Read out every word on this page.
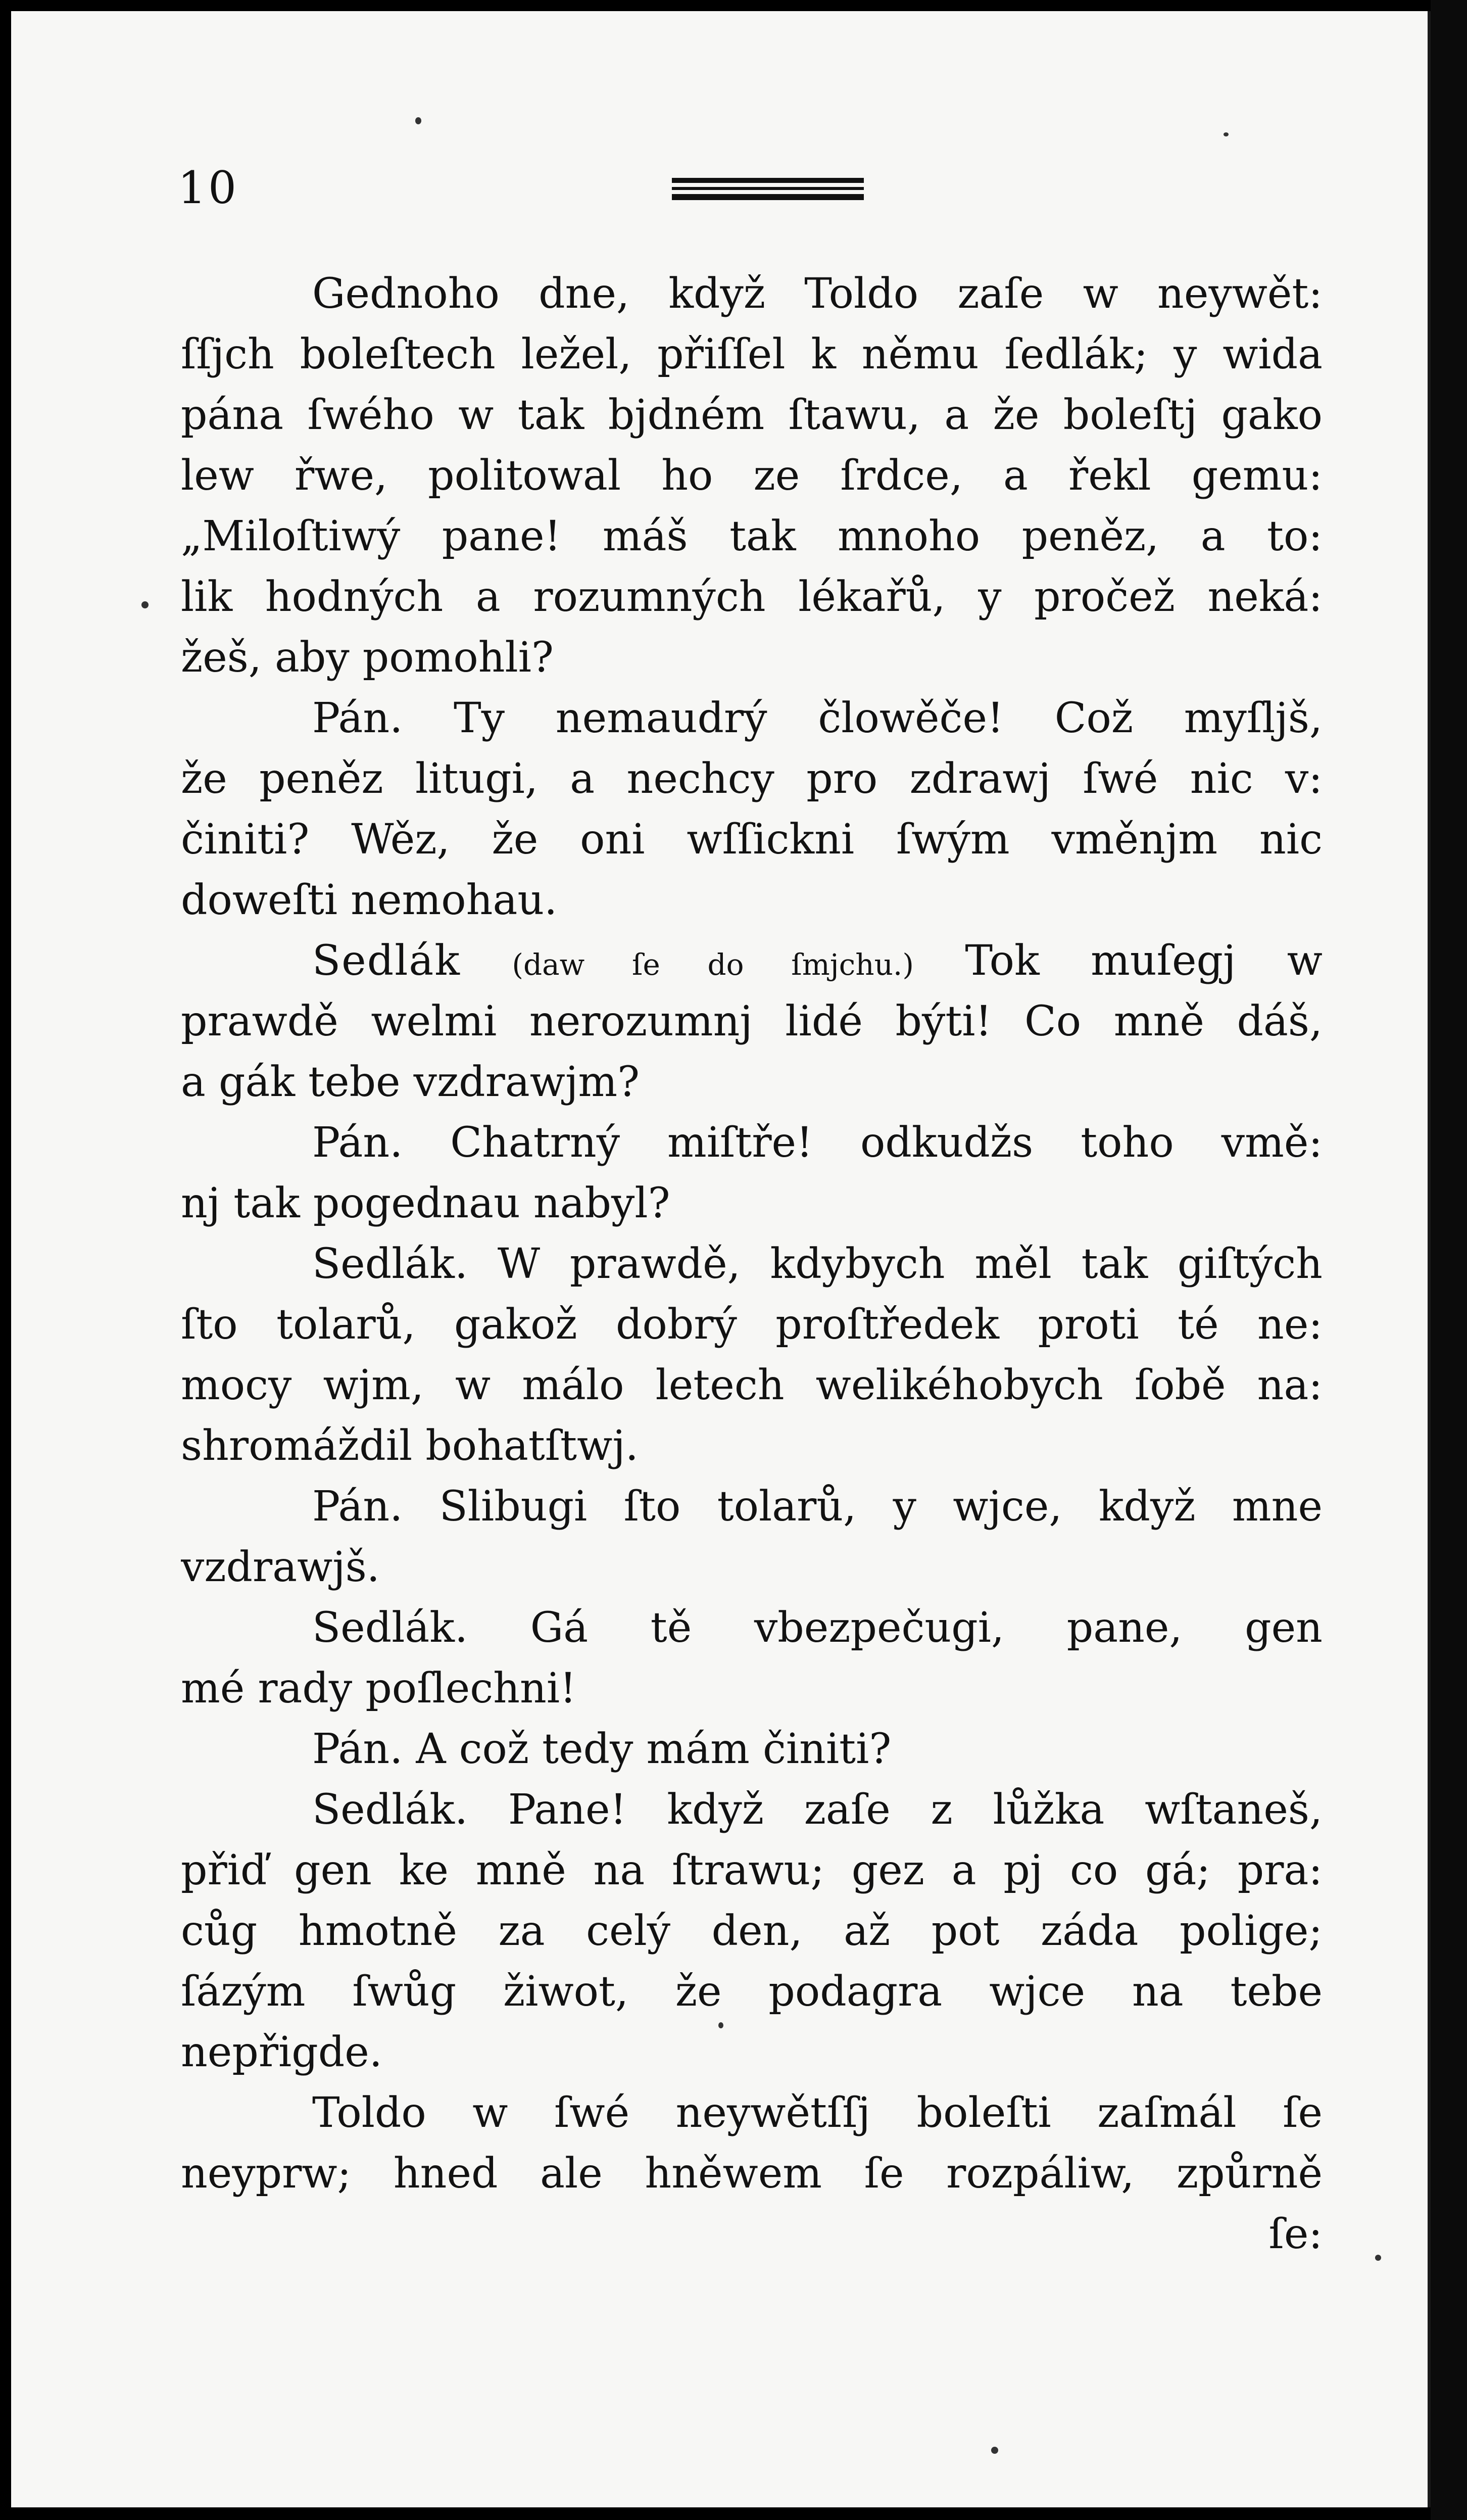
10
Gednoho dne, když Toldo zaſe w neywět:
ſſjch boleſtech ležel, přiſſel k němu ſedlák; y wida
pána ſwého w tak bjdném ſtawu, a že boleſtj gako
lew řwe, politowal ho ze ſrdce, a řekl gemu:
„Miloſtiwý pane! máš tak mnoho peněz, a to:
lik hodných a rozumných lékařů, y pročež neká:
žeš, aby pomohli?
Pán. Ty nemaudrý člowěče! Což myſljš,
že peněz litugi, a nechcy pro zdrawj ſwé nic v:
činiti? Wěz, že oni wſſickni ſwým vměnjm nic
doweſti nemohau.
Sedlák (daw ſe do ſmjchu.) Tok muſegj w
prawdě welmi nerozumnj lidé býti! Co mně dáš,
a gák tebe vzdrawjm?
Pán. Chatrný miſtře! odkudžs toho vmě:
nj tak pogednau nabyl?
Sedlák. W prawdě, kdybych měl tak giſtých
ſto tolarů, gakož dobrý proſtředek proti té ne:
mocy wjm, w málo letech welikéhobych ſobě na:
shromáždil bohatſtwj.
Pán. Slibugi ſto tolarů, y wjce, když mne
vzdrawjš.
Sedlák. Gá tě vbezpečugi, pane, gen
mé rady poſlechni!
Pán. A což tedy mám činiti?
Sedlák. Pane! když zaſe z lůžka wſtaneš,
přiď gen ke mně na ſtrawu; gez a pj co gá; pra:
cůg hmotně za celý den, až pot záda polige;
ſázým ſwůg žiwot, že podagra wjce na tebe
nepřigde.
Toldo w ſwé neywětſſj boleſti zaſmál ſe
neyprw; hned ale hněwem ſe rozpáliw, způrně
ſe:
